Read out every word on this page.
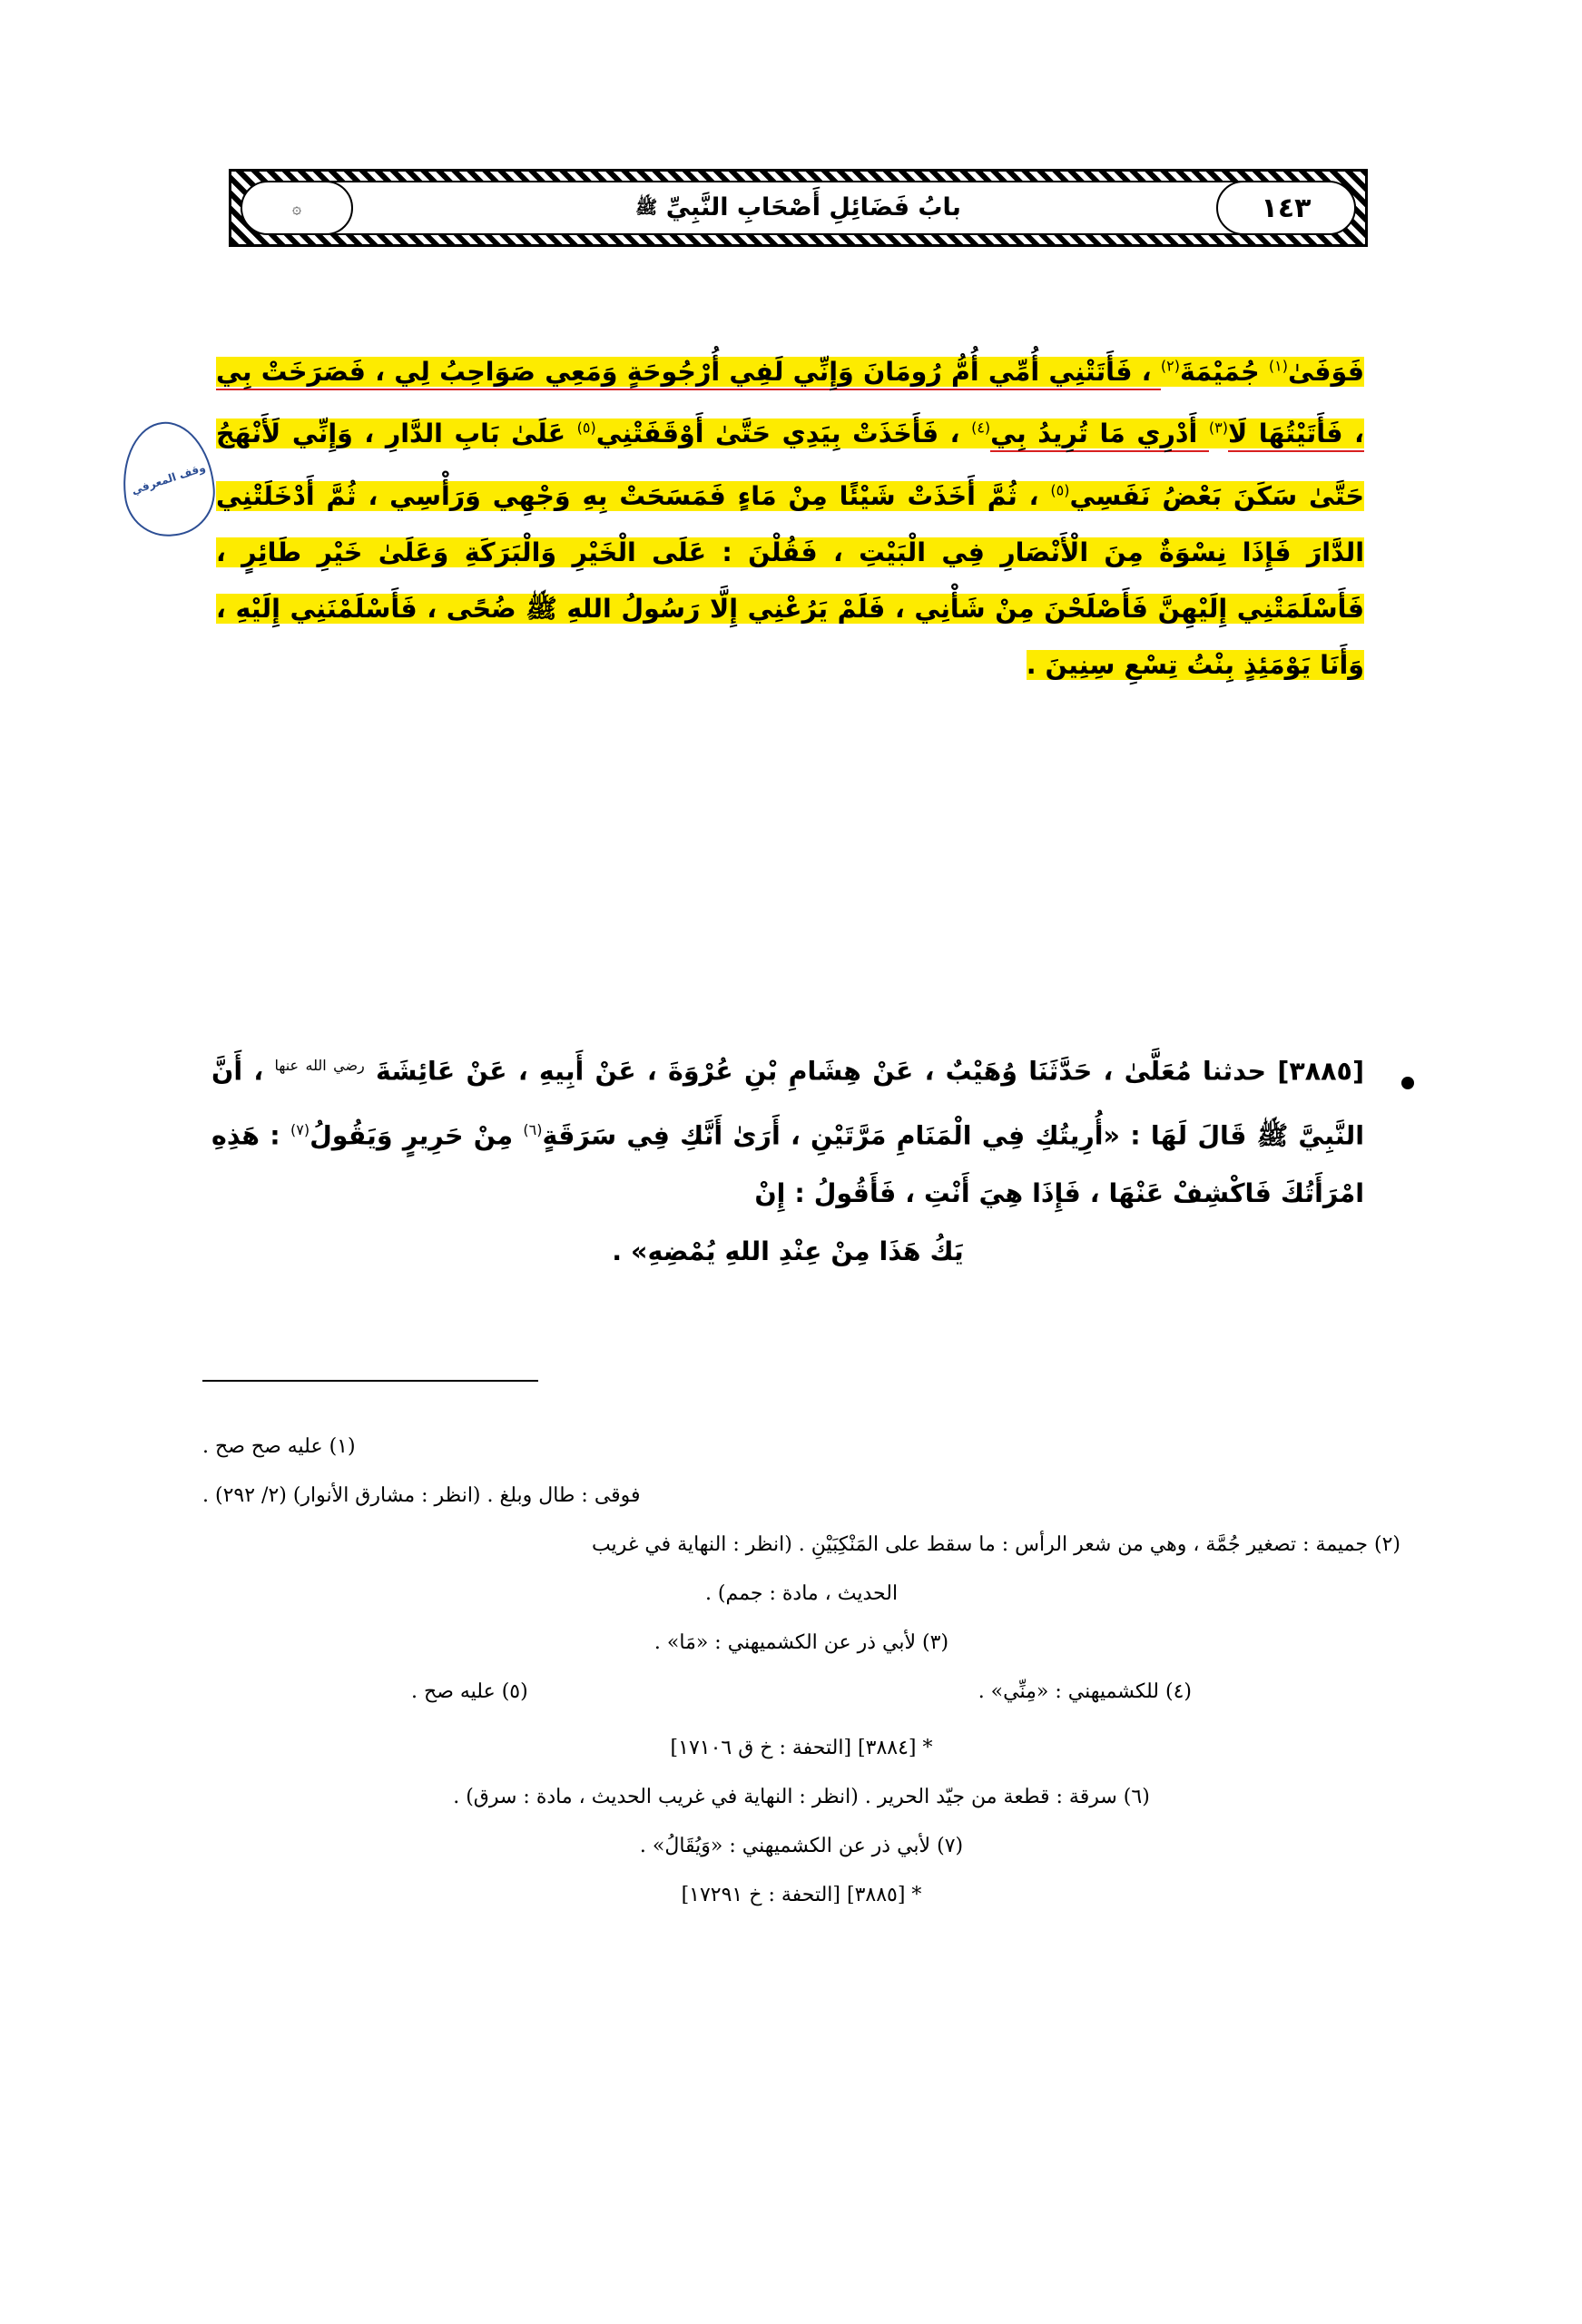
بابُ فَضَائِلِ أَصْحَابِ النَّبِيِّ ﷺ	١٤٣
۞
وقف المعرفي
فَوَفَىٰ$^{(١)}$ جُمَيْمَةَ$^{(٢)}$ ، فَأَتَتْنِي أُمِّي أُمُّ رُومَانَ وَإِنِّي لَفِي أُرْجُوحَةٍ وَمَعِي صَوَاحِبُ لِي ، فَصَرَخَتْ بِي ، فَأَتَيْتُهَا لَا$^{(٣)}$ أَدْرِي مَا تُرِيدُ بِي$^{(٤)}$ ، فَأَخَذَتْ بِيَدِي حَتَّىٰ أَوْقَفَتْنِي$^{(٥)}$ عَلَىٰ بَابِ الدَّارِ ، وَإِنِّي لَأَنْهَجُ حَتَّىٰ سَكَنَ بَعْضُ نَفَسِي$^{(٥)}$ ، ثُمَّ أَخَذَتْ شَيْئًا مِنْ مَاءٍ فَمَسَحَتْ بِهِ وَجْهِي وَرَأْسِي ، ثُمَّ أَدْخَلَتْنِي الدَّارَ فَإِذَا نِسْوَةٌ مِنَ الْأَنْصَارِ فِي الْبَيْتِ ، فَقُلْنَ : عَلَى الْخَيْرِ وَالْبَرَكَةِ وَعَلَىٰ خَيْرِ طَائِرٍ ، فَأَسْلَمَتْنِي إِلَيْهِنَّ فَأَصْلَحْنَ مِنْ شَأْنِي ، فَلَمْ يَرُعْنِي إِلَّا رَسُولُ اللهِ ﷺ ضُحًى ، فَأَسْلَمْنَنِي إِلَيْهِ ، وَأَنَا يَوْمَئِذٍ بِنْتُ تِسْعِ سِنِينَ .

[٣٨٨٥] حدثنا مُعَلَّىٰ ، حَدَّثَنَا وُهَيْبٌ ، عَنْ هِشَامِ بْنِ عُرْوَةَ ، عَنْ أَبِيهِ ، عَنْ عَائِشَةَ $^{رضي الله عنها}$ ، أَنَّ النَّبِيَّ ﷺ قَالَ لَهَا : «أُرِيتُكِ فِي الْمَنَامِ مَرَّتَيْنِ ، أَرَىٰ أَنَّكِ فِي سَرَقَةٍ$^{(٦)}$ مِنْ حَرِيرٍ وَيَقُولُ$^{(٧)}$ : هَذِهِ امْرَأَتُكَ فَاكْشِفْ عَنْهَا ، فَإِذَا هِيَ أَنْتِ ، فَأَقُولُ : إِنْ

يَكُ هَذَا مِنْ عِنْدِ اللهِ يُمْضِهِ» .

(١) عليه صح صح .

فوقى : طال وبلغ . (انظر : مشارق الأنوار) (٢/ ٢٩٢) .

(٢) جميمة : تصغير جُمَّة ، وهي من شعر الرأس : ما سقط على المَنْكِبَيْنِ . (انظر : النهاية في غريب

الحديث ، مادة : جمم) .

(٣) لأبي ذر عن الكشميهني : «مَا» .

(٤) للكشميهني : «مِنِّي» .
(٥) عليه صح .

* [٣٨٨٤] [التحفة : خ ق ١٧١٠٦]

(٦) سرقة : قطعة من جيّد الحرير . (انظر : النهاية في غريب الحديث ، مادة : سرق) .

(٧) لأبي ذر عن الكشميهني : «وَيُقَالُ» .

* [٣٨٨٥] [التحفة : خ ١٧٢٩١]
